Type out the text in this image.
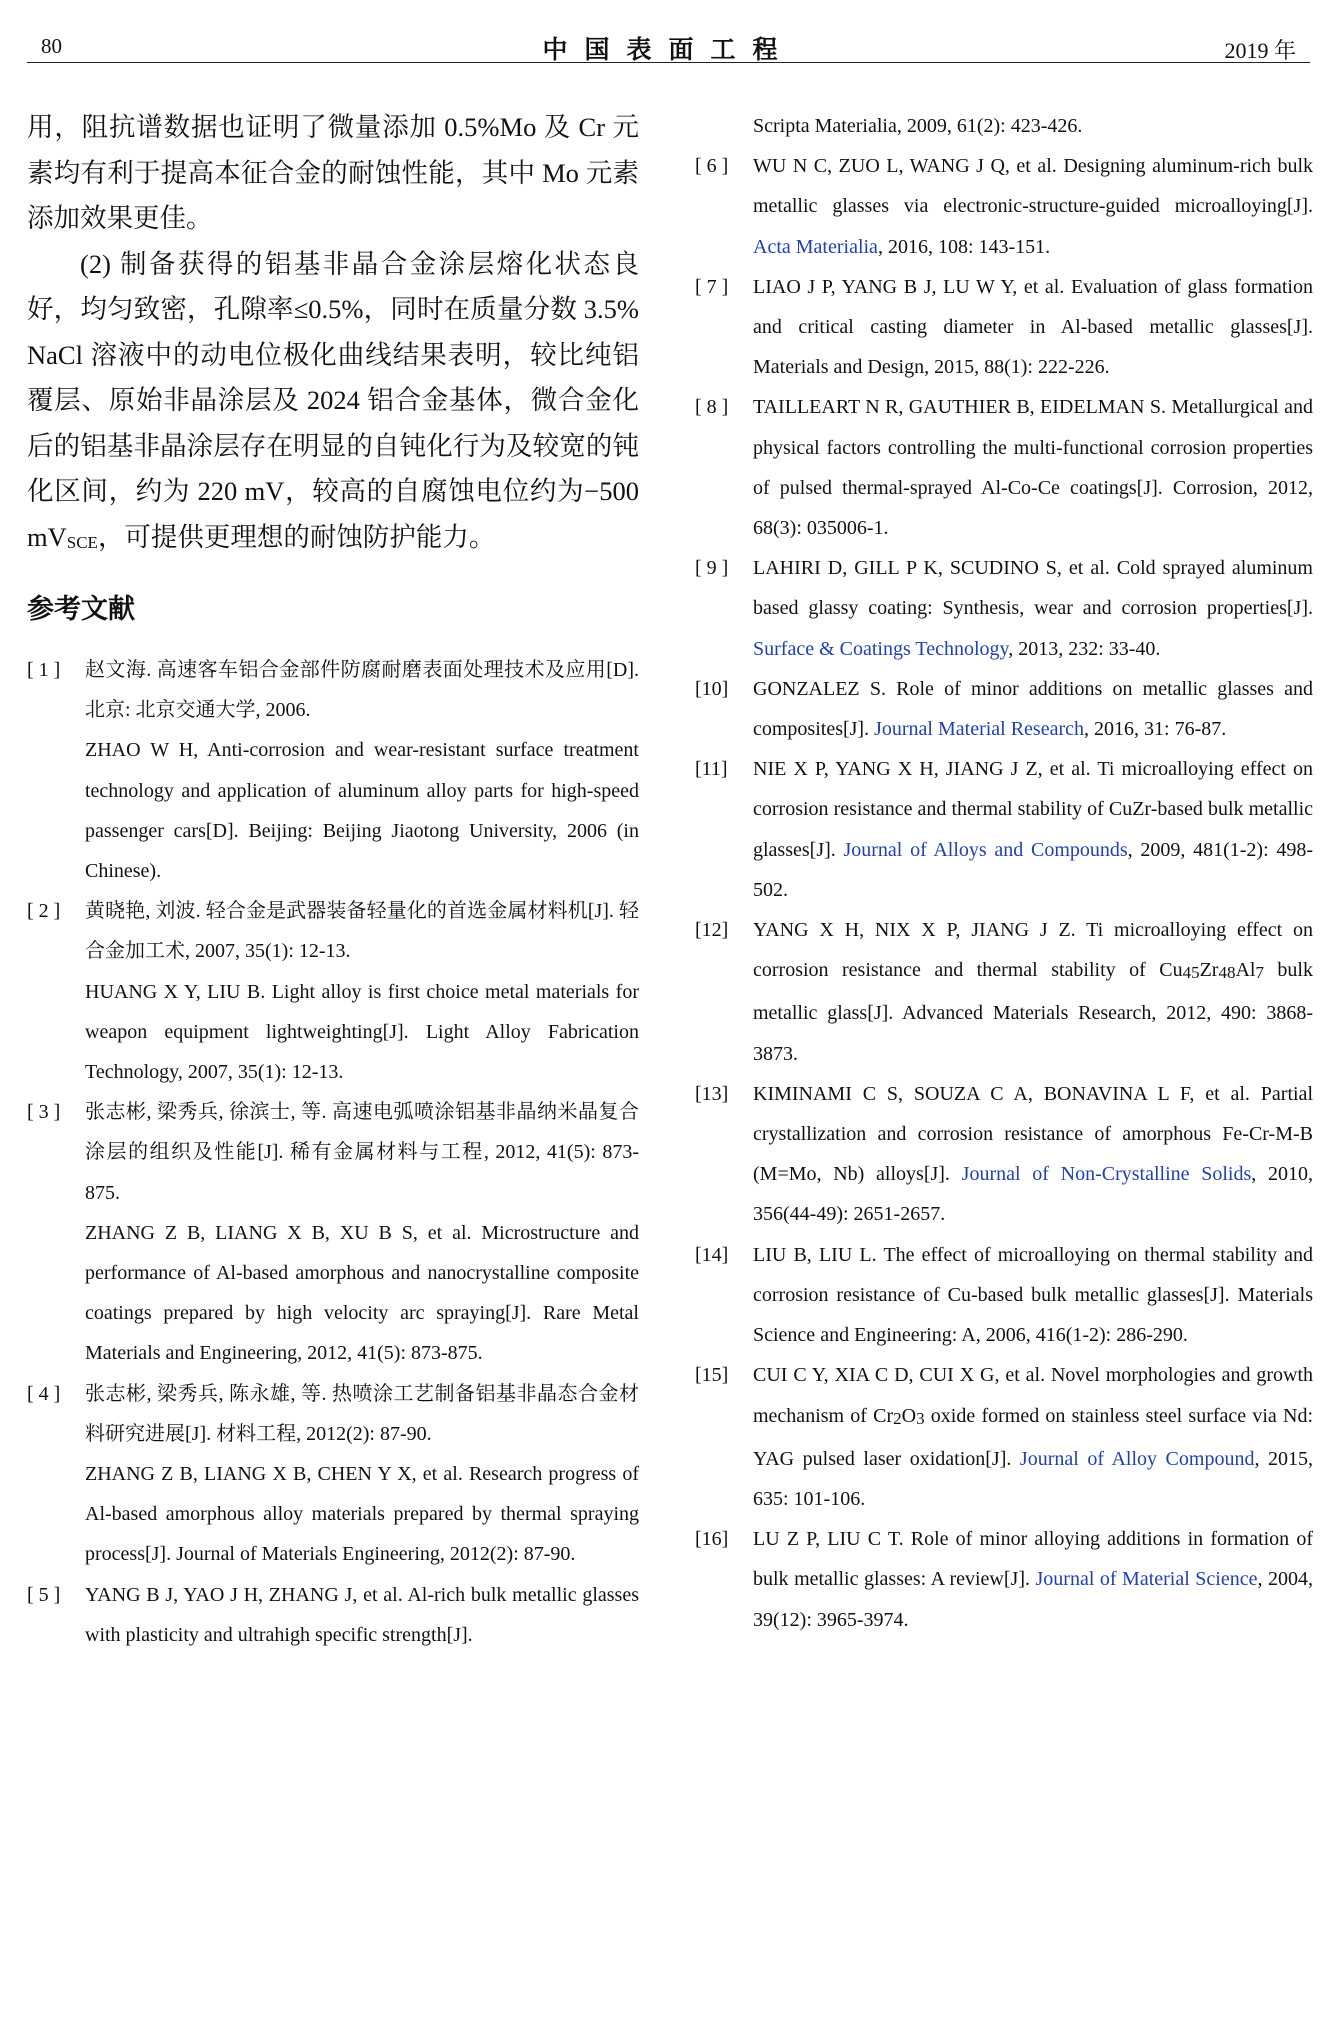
80	中国表面工程	2019 年

用，阻抗谱数据也证明了微量添加 0.5%Mo 及 Cr 元素均有利于提高本征合金的耐蚀性能，其中 Mo 元素添加效果更佳。

(2) 制备获得的铝基非晶合金涂层熔化状态良好，均匀致密，孔隙率≤0.5%，同时在质量分数 3.5% NaCl 溶液中的动电位极化曲线结果表明，较比纯铝覆层、原始非晶涂层及 2024 铝合金基体，微合金化后的铝基非晶涂层存在明显的自钝化行为及较宽的钝化区间，约为 220 mV，较高的自腐蚀电位约为−500 mVSCE，可提供更理想的耐蚀防护能力。

参考文献
[ 1 ] 赵文海. 高速客车铝合金部件防腐耐磨表面处理技术及应用[D]. 北京: 北京交通大学, 2006.
ZHAO W H, Anti-corrosion and wear-resistant surface treatment technology and application of aluminum alloy parts for high-speed passenger cars[D]. Beijing: Beijing Jiaotong University, 2006 (in Chinese).
[ 2 ] 黄晓艳, 刘波. 轻合金是武器装备轻量化的首选金属材料机[J]. 轻合金加工术, 2007, 35(1): 12-13.
HUANG X Y, LIU B. Light alloy is first choice metal materials for weapon equipment lightweighting[J]. Light Alloy Fabrication Technology, 2007, 35(1): 12-13.
[ 3 ] 张志彬, 梁秀兵, 徐滨士, 等. 高速电弧喷涂铝基非晶纳米晶复合涂层的组织及性能[J]. 稀有金属材料与工程, 2012, 41(5): 873-875.
ZHANG Z B, LIANG X B, XU B S, et al. Microstructure and performance of Al-based amorphous and nanocrystalline composite coatings prepared by high velocity arc spraying[J]. Rare Metal Materials and Engineering, 2012, 41(5): 873-875.
[ 4 ] 张志彬, 梁秀兵, 陈永雄, 等. 热喷涂工艺制备铝基非晶态合金材料研究进展[J]. 材料工程, 2012(2): 87-90.
ZHANG Z B, LIANG X B, CHEN Y X, et al. Research progress of Al-based amorphous alloy materials prepared by thermal spraying process[J]. Journal of Materials Engineering, 2012(2): 87-90.
[ 5 ] YANG B J, YAO J H, ZHANG J, et al. Al-rich bulk metallic glasses with plasticity and ultrahigh specific strength[J].
Scripta Materialia, 2009, 61(2): 423-426.
[ 6 ] WU N C, ZUO L, WANG J Q, et al. Designing aluminum-rich bulk metallic glasses via electronic-structure-guided microalloying[J]. Acta Materialia, 2016, 108: 143-151.
[ 7 ] LIAO J P, YANG B J, LU W Y, et al. Evaluation of glass formation and critical casting diameter in Al-based metallic glasses[J]. Materials and Design, 2015, 88(1): 222-226.
[ 8 ] TAILLEART N R, GAUTHIER B, EIDELMAN S. Metallurgical and physical factors controlling the multi-functional corrosion properties of pulsed thermal-sprayed Al-Co-Ce coatings[J]. Corrosion, 2012, 68(3): 035006-1.
[ 9 ] LAHIRI D, GILL P K, SCUDINO S, et al. Cold sprayed aluminum based glassy coating: Synthesis, wear and corrosion properties[J]. Surface & Coatings Technology, 2013, 232: 33-40.
[10] GONZALEZ S. Role of minor additions on metallic glasses and composites[J]. Journal Material Research, 2016, 31: 76-87.
[11] NIE X P, YANG X H, JIANG J Z, et al. Ti microalloying effect on corrosion resistance and thermal stability of CuZr-based bulk metallic glasses[J]. Journal of Alloys and Compounds, 2009, 481(1-2): 498-502.
[12] YANG X H, NIX X P, JIANG J Z. Ti microalloying effect on corrosion resistance and thermal stability of Cu45Zr48Al7 bulk metallic glass[J]. Advanced Materials Research, 2012, 490: 3868-3873.
[13] KIMINAMI C S, SOUZA C A, BONAVINA L F, et al. Partial crystallization and corrosion resistance of amorphous Fe-Cr-M-B (M=Mo, Nb) alloys[J]. Journal of Non-Crystalline Solids, 2010, 356(44-49): 2651-2657.
[14] LIU B, LIU L. The effect of microalloying on thermal stability and corrosion resistance of Cu-based bulk metallic glasses[J]. Materials Science and Engineering: A, 2006, 416(1-2): 286-290.
[15] CUI C Y, XIA C D, CUI X G, et al. Novel morphologies and growth mechanism of Cr2O3 oxide formed on stainless steel surface via Nd: YAG pulsed laser oxidation[J]. Journal of Alloy Compound, 2015, 635: 101-106.
[16] LU Z P, LIU C T. Role of minor alloying additions in formation of bulk metallic glasses: A review[J]. Journal of Material Science, 2004, 39(12): 3965-3974.
